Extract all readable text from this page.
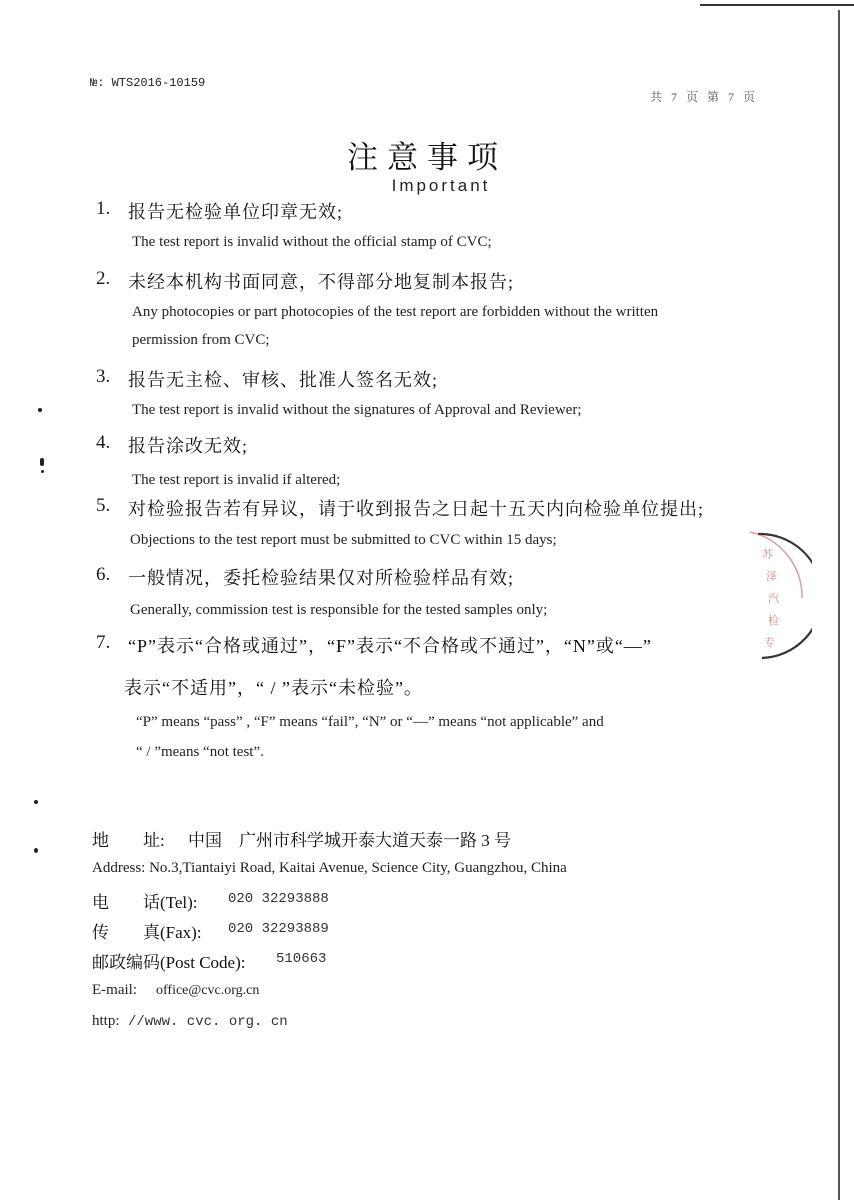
№: WTS2016-10159
共 7 页 第 7 页
注意事项
Important
1. 报告无检验单位印章无效;
The test report is invalid without the official stamp of CVC;
2. 未经本机构书面同意，不得部分地复制本报告;
Any photocopies or part photocopies of the test report are forbidden without the written
permission from CVC;
3. 报告无主检、审核、批准人签名无效;
The test report is invalid without the signatures of Approval and Reviewer;
4. 报告涂改无效;
The test report is invalid if altered;
5. 对检验报告若有异议，请于收到报告之日起十五天内向检验单位提出;
Objections to the test report must be submitted to CVC within 15 days;
6. 一般情况，委托检验结果仅对所检验样品有效;
Generally, commission test is responsible for the tested samples only;
7. “P”表示“合格或通过”，“F”表示“不合格或不通过”，“N”或“—”
表示“不适用”，“ / ”表示“未检验”。
“P” means “pass” , “F” means “fail”, “N” or “—” means “not applicable” and
“ / ”means “not test”.
苏
泽
汽
检
专
地　　址: 中国　广州市科学城开泰大道天泰一路 3 号
Address: No.3,Tiantaiyi Road, Kaitai Avenue, Science City, Guangzhou, China
电　　话(Tel): 020 32293888
传　　真(Fax): 020 32293889
邮政编码(Post Code): 510663
E-mail: office@cvc.org.cn
http: //www. cvc. org. cn
